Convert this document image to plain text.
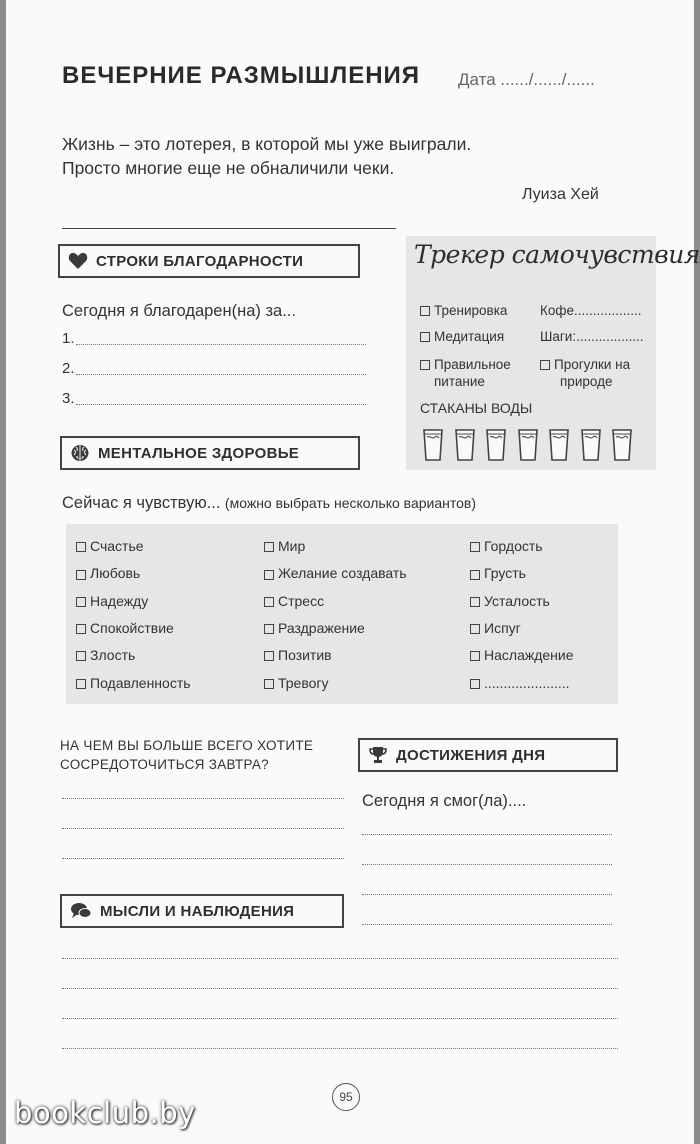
ВЕЧЕРНИЕ РАЗМЫШЛЕНИЯ Дата ....../....../......
Жизнь – это лотерея, в которой мы уже выиграли.
Просто многие еще не обналичили чеки.
Луиза Хей
СТРОКИ БЛАГОДАРНОСТИ
Сегодня я благодарен(на) за...
1.
2.
3.
Трекер самочувствия
Тренировка Кофе..................
Медитация	Шаги:..................
Правильное
питание
Прогулки на
природе
СТАКАНЫ ВОДЫ
МЕНТАЛЬНОЕ ЗДОРОВЬЕ
Сейчас я чувствую... (можно выбрать несколько вариантов)
Счастье
Любовь
Надежду
Спокойствие
Злость
Подавленность
Мир
Желание создавать
Стресс
Раздражение
Позитив
Тревогу
Гордость
Грусть
Усталость
Испуг
Наслаждение
......................
НА ЧЕМ ВЫ БОЛЬШЕ ВСЕГО ХОТИТЕ
СОСРЕДОТОЧИТЬСЯ ЗАВТРА?
ДОСТИЖЕНИЯ ДНЯ
Сегодня я смог(ла)....
МЫСЛИ И НАБЛЮДЕНИЯ
95
bookclub.by
